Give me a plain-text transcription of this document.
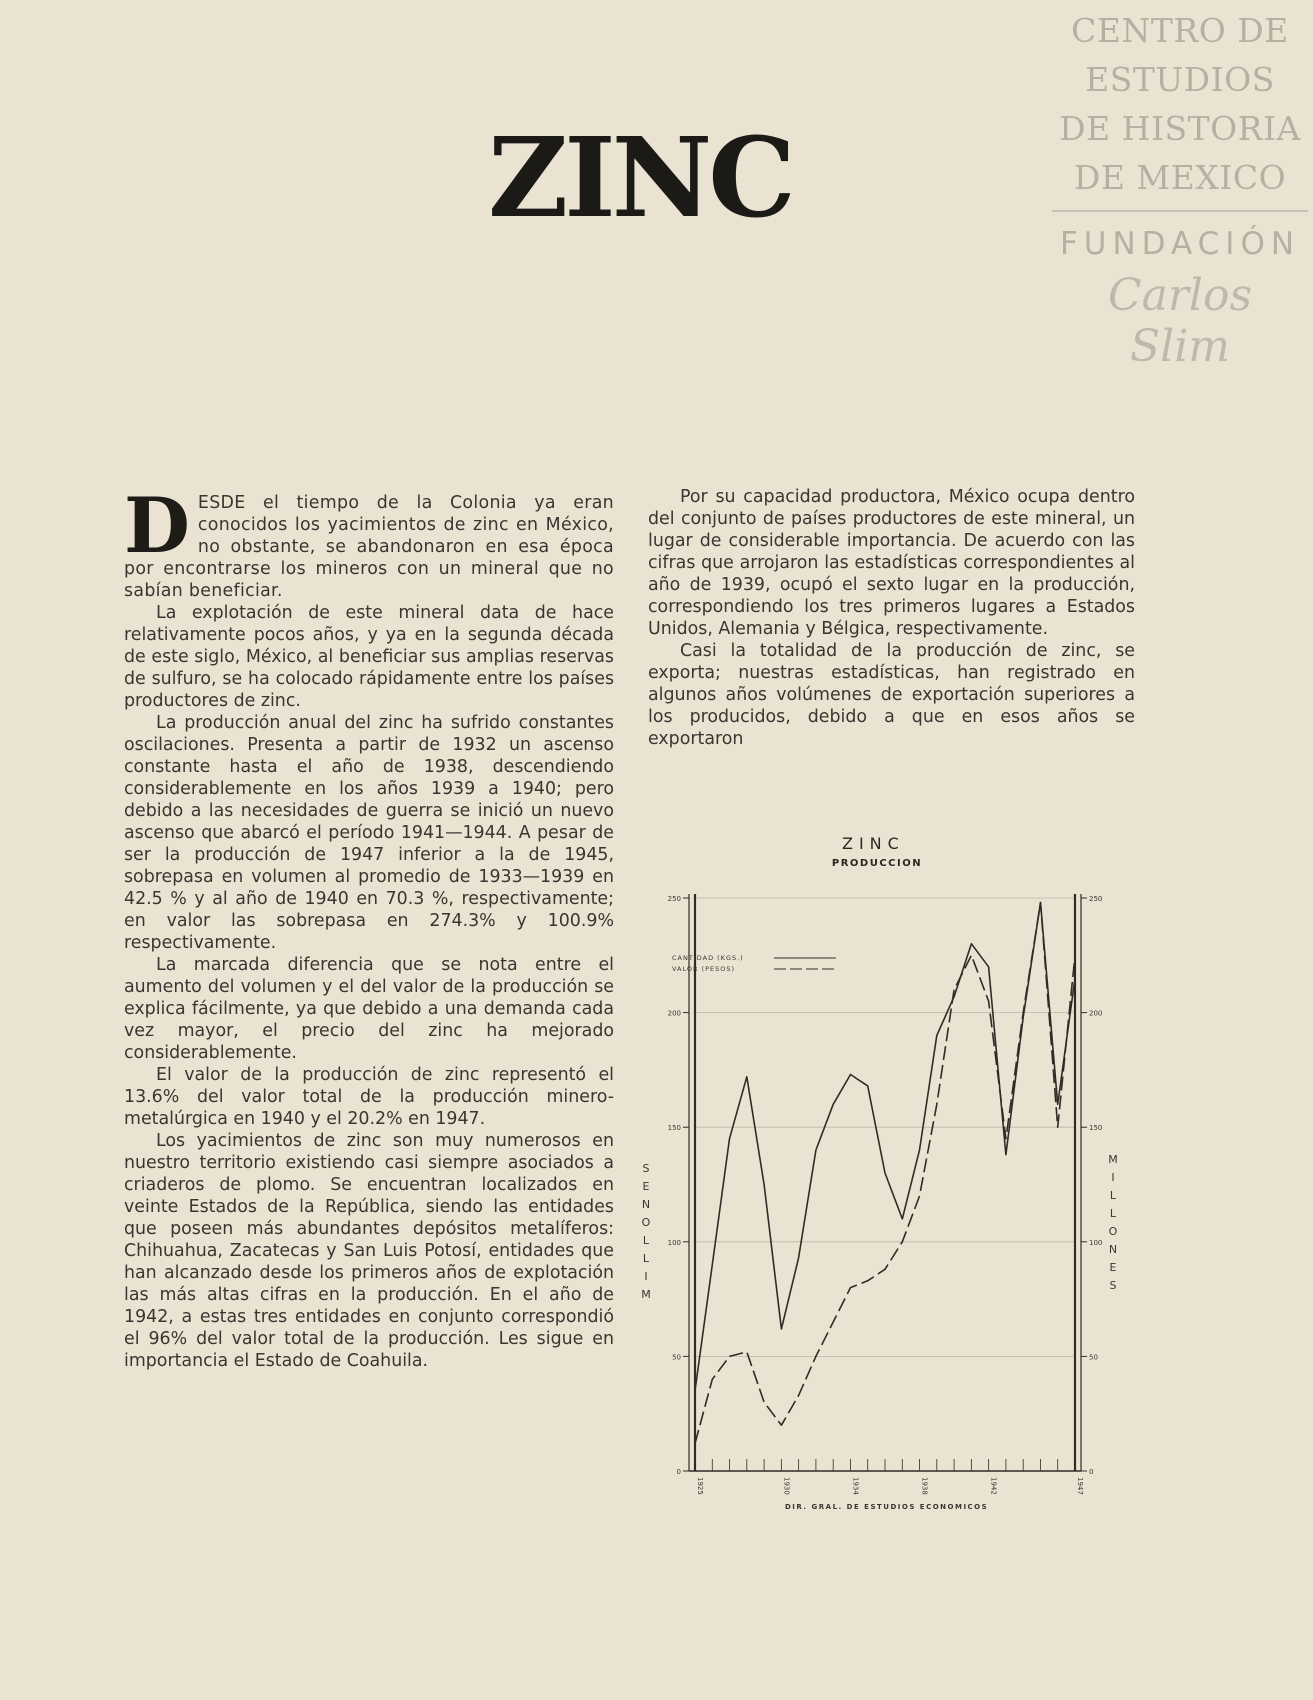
CENTRO DE
ESTUDIOS
DE HISTORIA
DE MEXICO
FUNDACIÓN
Carlos Slim
ZINC

DESDE el tiempo de la Colonia ya eran conocidos los yacimientos de zinc en México, no obstante, se abandonaron en esa época por encontrarse los mineros con un mineral que no sabían beneficiar.

La explotación de este mineral data de hace relativamente pocos años, y ya en la segunda década de este siglo, México, al beneficiar sus amplias reservas de sulfuro, se ha colocado rápidamente entre los países productores de zinc.

La producción anual del zinc ha sufrido constantes oscilaciones. Presenta a partir de 1932 un ascenso constante hasta el año de 1938, descendiendo considerablemente en los años 1939 a 1940; pero debido a las necesidades de guerra se inició un nuevo ascenso que abarcó el período 1941—1944. A pesar de ser la producción de 1947 inferior a la de 1945, sobrepasa en volumen al promedio de 1933—1939 en 42.5 % y al año de 1940 en 70.3 %, respectivamente; en valor las sobrepasa en 274.3% y 100.9% respectivamente.

La marcada diferencia que se nota entre el aumento del volumen y el del valor de la producción se explica fácilmente, ya que debido a una demanda cada vez mayor, el precio del zinc ha mejorado considerablemente.

El valor de la producción de zinc representó el 13.6% del valor total de la producción minero-metalúrgica en 1940 y el 20.2% en 1947.

Los yacimientos de zinc son muy numerosos en nuestro territorio existiendo casi siempre asociados a criaderos de plomo. Se encuentran localizados en veinte Estados de la República, siendo las entidades que poseen más abundantes depósitos metalíferos: Chihuahua, Zacatecas y San Luis Potosí, entidades que han alcanzado desde los primeros años de explotación las más altas cifras en la producción. En el año de 1942, a estas tres entidades en conjunto correspondió el 96% del valor total de la producción. Les sigue en importancia el Estado de Coahuila.

Por su capacidad productora, México ocupa dentro del conjunto de países productores de este mineral, un lugar de considerable importancia. De acuerdo con las cifras que arrojaron las estadísticas correspondientes al año de 1939, ocupó el sexto lugar en la producción, correspondiendo los tres primeros lugares a Estados Unidos, Alemania y Bélgica, respectivamente.

Casi la totalidad de la producción de zinc, se exporta; nuestras estadísticas, han registrado en algunos años volúmenes de exportación superiores a los producidos, debido a que en esos años se exportaron

ZINC
PRODUCCION
0
50
100
150
200
250
0
50
100
150
200
250
M
I
L
L
O
N
E
S
M
I
L
L
O
N
E
S
1925	1930	1934	1938	1942	1947
CANTIDAD (KGS.)
VALOR (PESOS)
DIR. GRAL. DE ESTUDIOS ECONOMICOS
